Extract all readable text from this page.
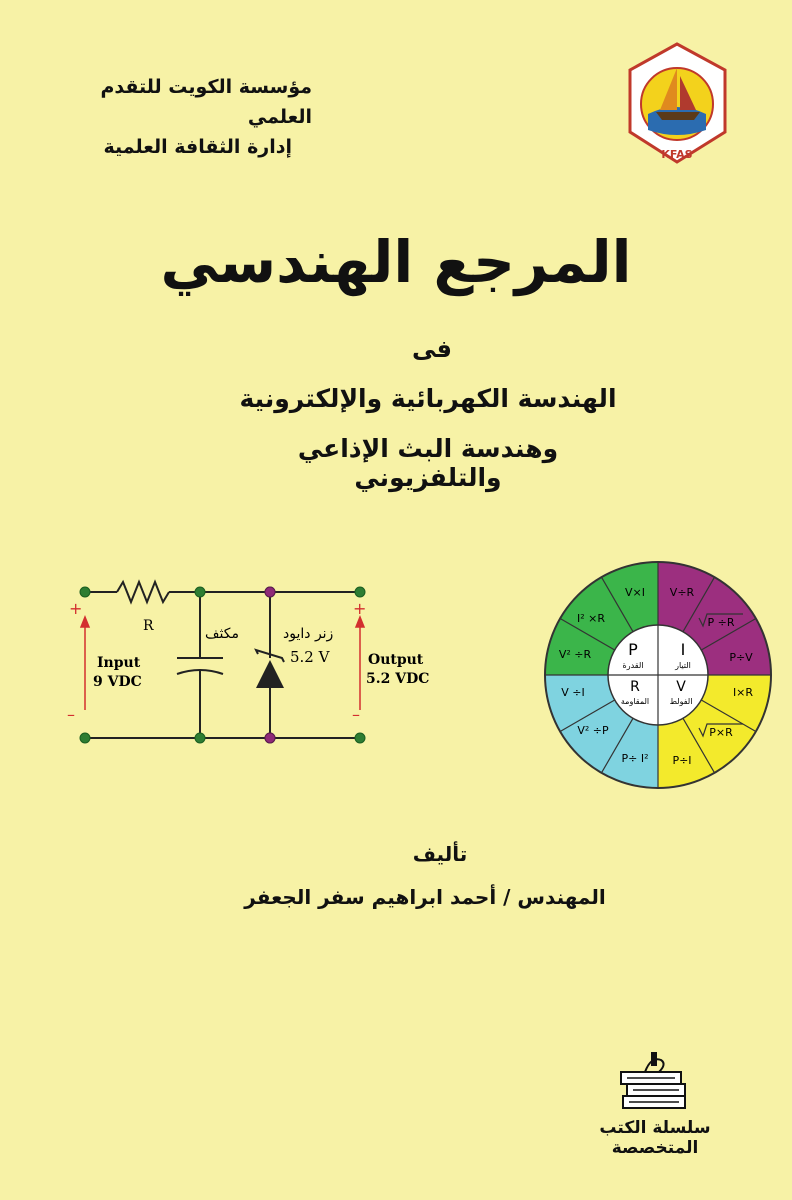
مؤسسة الكويت للتقدم العلمي
إدارة الثقافة العلمية	KFAS
المرجع الهندسي
فى
الهندسة الكهربائية والإلكترونية
وهندسة البث الإذاعي والتلفزيوني
+
–
+
–
R	مكثف	زنر دايود
5.2 V
Input
9 VDC
Output
5.2 VDC
P
القدرة
I
التيار
R
المقاومة
V
الفولط
V×I
I² ×R
V² ÷R
V÷R
P ÷R
P÷V
I×R
P×R
P÷I
V ÷I
V² ÷P
P÷ I²
تأليف
المهندس / أحمد ابراهيم سفر الجعفر
سلسلة الكتب المتخصصة
